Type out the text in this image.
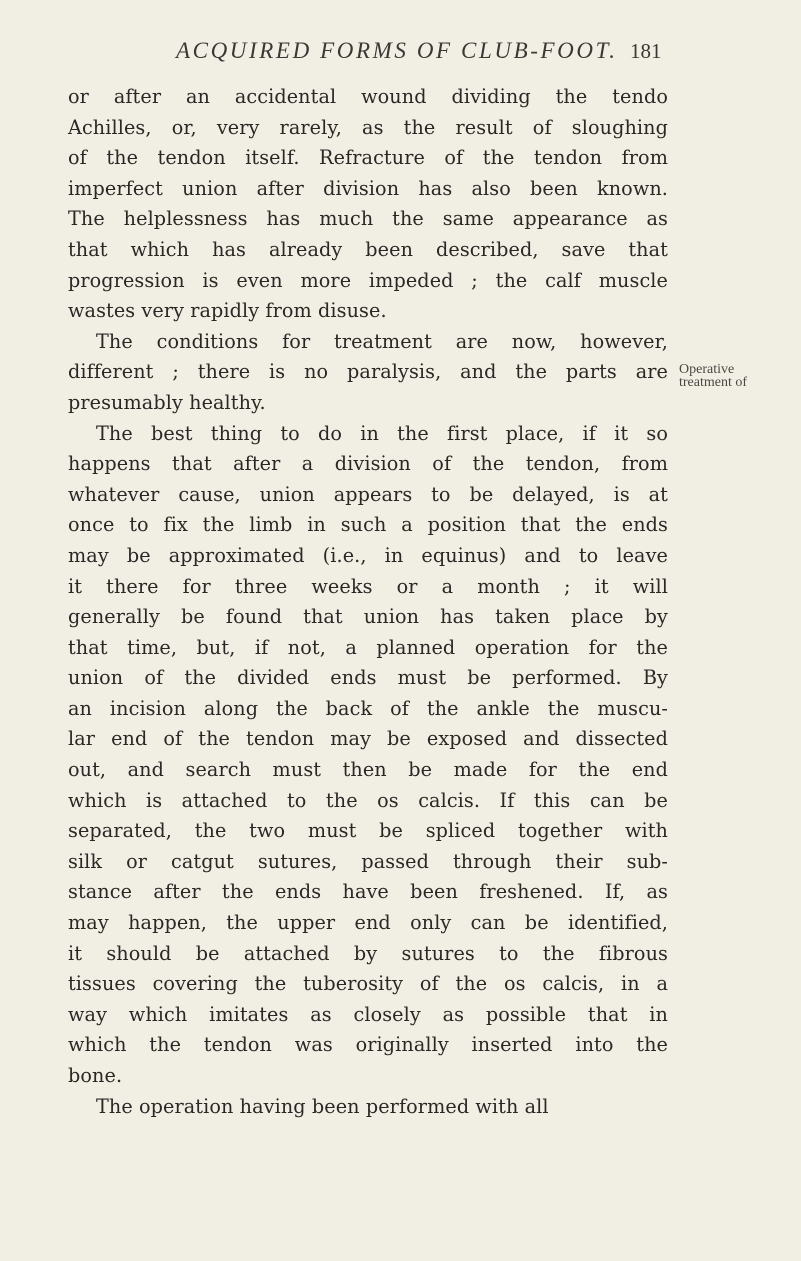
ACQUIRED FORMS OF CLUB-FOOT. 181
Operative
treatment of
or after an accidental wound dividing the tendo
Achilles, or, very rarely, as the result of sloughing
of the tendon itself. Refracture of the tendon from
imperfect union after division has also been known.
The helplessness has much the same appearance as
that which has already been described, save that
progression is even more impeded ; the calf muscle
wastes very rapidly from disuse.
The conditions for treatment are now, however,
different ; there is no paralysis, and the parts are
presumably healthy.
The best thing to do in the first place, if it so
happens that after a division of the tendon, from
whatever cause, union appears to be delayed, is at
once to fix the limb in such a position that the ends
may be approximated (i.e., in equinus) and to leave
it there for three weeks or a month ; it will
generally be found that union has taken place by
that time, but, if not, a planned operation for the
union of the divided ends must be performed. By
an incision along the back of the ankle the muscu-
lar end of the tendon may be exposed and dissected
out, and search must then be made for the end
which is attached to the os calcis. If this can be
separated, the two must be spliced together with
silk or catgut sutures, passed through their sub-
stance after the ends have been freshened. If, as
may happen, the upper end only can be identified,
it should be attached by sutures to the fibrous
tissues covering the tuberosity of the os calcis, in a
way which imitates as closely as possible that in
which the tendon was originally inserted into the
bone.
The operation having been performed with all
